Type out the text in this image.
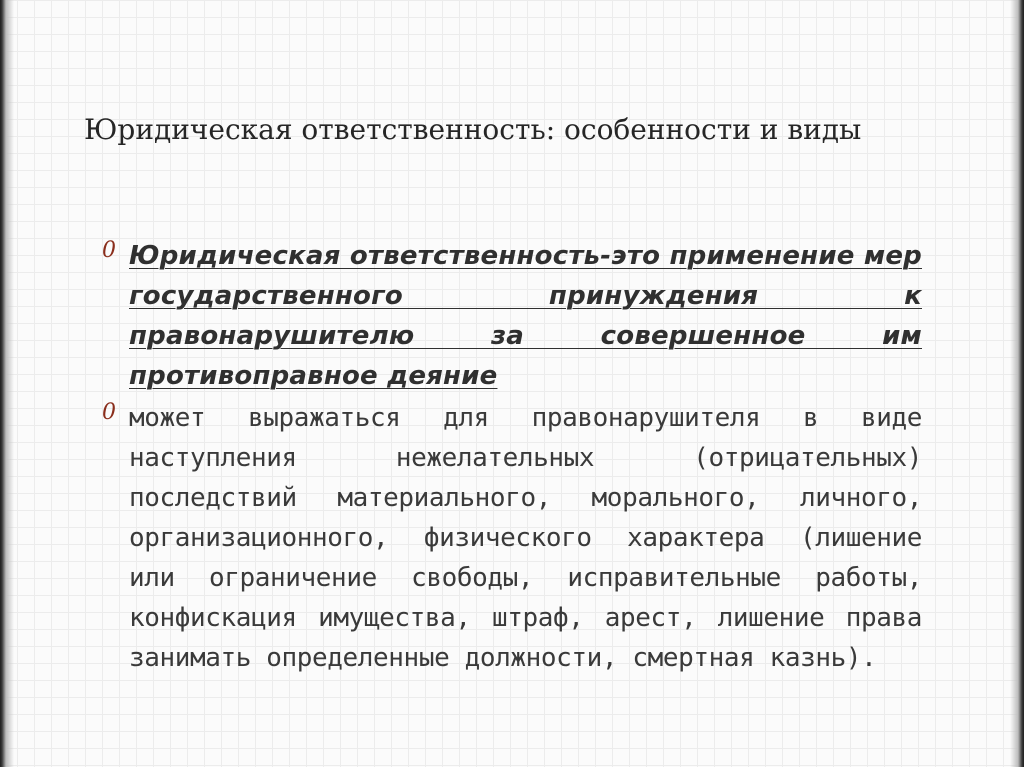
Юридическая ответственность: особенности и виды
0 Юридическая ответственность-это применение мер государственного принуждения к правонарушителю за совершенное им противоправное деяние
0 может выражаться для правонарушителя в виде наступления нежелательных (отрицательных) последствий материального, морального, личного, организационного, физического характера (лишение или ограничение свободы, исправительные работы, конфискация имущества, штраф, арест, лишение права занимать определенные должности, смертная казнь).
